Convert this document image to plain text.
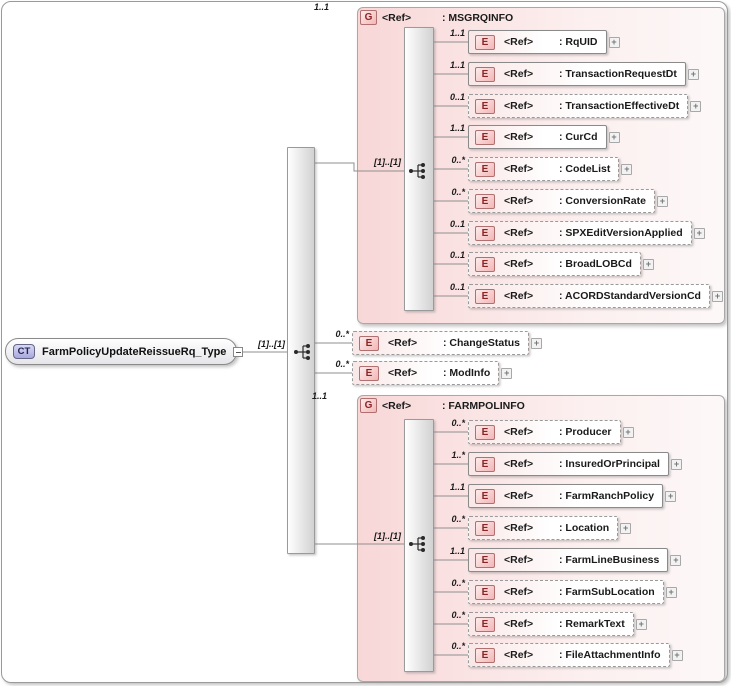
CT	FarmPolicyUpdateReissueRq_Type
[1]..[1]
G <Ref>	: MSGRQINFO
1..1
[1]..[1]
1..1
E	<Ref>	: RqUID	+
1..1
E	<Ref>	: TransactionRequestDt	+
0..1
E	<Ref>	: TransactionEffectiveDt	+
1..1
E	<Ref>	: CurCd	+
0..*
E	<Ref>	: CodeList	+
0..*
E	<Ref>	: ConversionRate	+
0..1
E	<Ref>	: SPXEditVersionApplied	+
0..1
E	<Ref>	: BroadLOBCd	+
0..1
E	<Ref>	: ACORDStandardVersionCd	+
0..*
E	<Ref>	: ChangeStatus	+
0..*
E	<Ref>	: ModInfo	+
G <Ref>	: FARMPOLINFO
1..1
[1]..[1]
0..*
E	<Ref>	: Producer	+
1..*
E	<Ref>	: InsuredOrPrincipal	+
1..1
E	<Ref>	: FarmRanchPolicy	+
0..*
E	<Ref>	: Location	+
1..1
E	<Ref>	: FarmLineBusiness	+
0..*
E	<Ref>	: FarmSubLocation	+
0..*
E	<Ref>	: RemarkText	+
0..*
E	<Ref>	: FileAttachmentInfo	+
